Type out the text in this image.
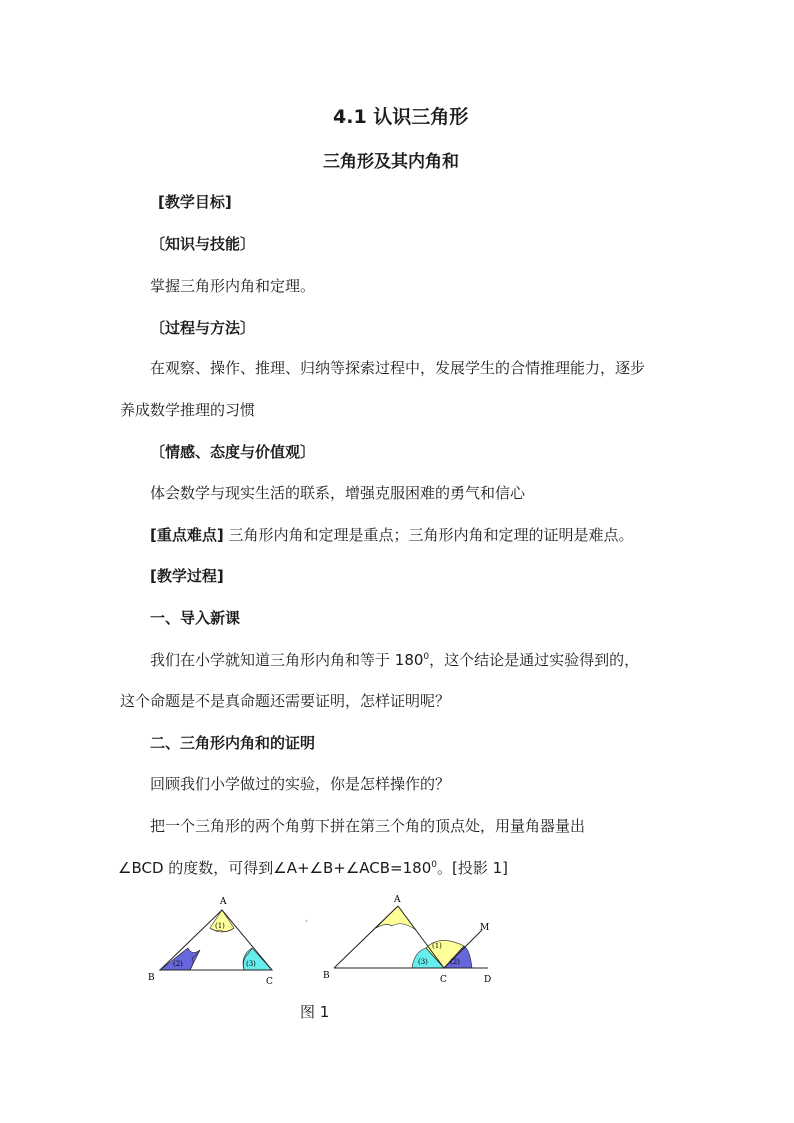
4.1 认识三角形
三角形及其内角和
[教学目标]
〔知识与技能〕
掌握三角形内角和定理。
〔过程与方法〕
在观察、操作、推理、归纳等探索过程中，发展学生的合情推理能力，逐步
养成数学推理的习惯
〔情感、态度与价值观〕
体会数学与现实生活的联系，增强克服困难的勇气和信心
[重点难点] 三角形内角和定理是重点；三角形内角和定理的证明是难点。
[教学过程]
一、导入新课
我们在小学就知道三角形内角和等于 $180^0$，这个结论是通过实验得到的，
这个命题是不是真命题还需要证明，怎样证明呢？
二、三角形内角和的证明
回顾我们小学做过的实验，你是怎样操作的？
把一个三角形的两个角剪下拼在第三个角的顶点处，用量角器量出
∠BCD 的度数，可得到$\angle A+\angle B+\angle ACB=180^0$。[投影 1]
A
B	C
(1)
(2)	(3)
A
B	C	D
M
(1)
(2)
(3)
图 1
